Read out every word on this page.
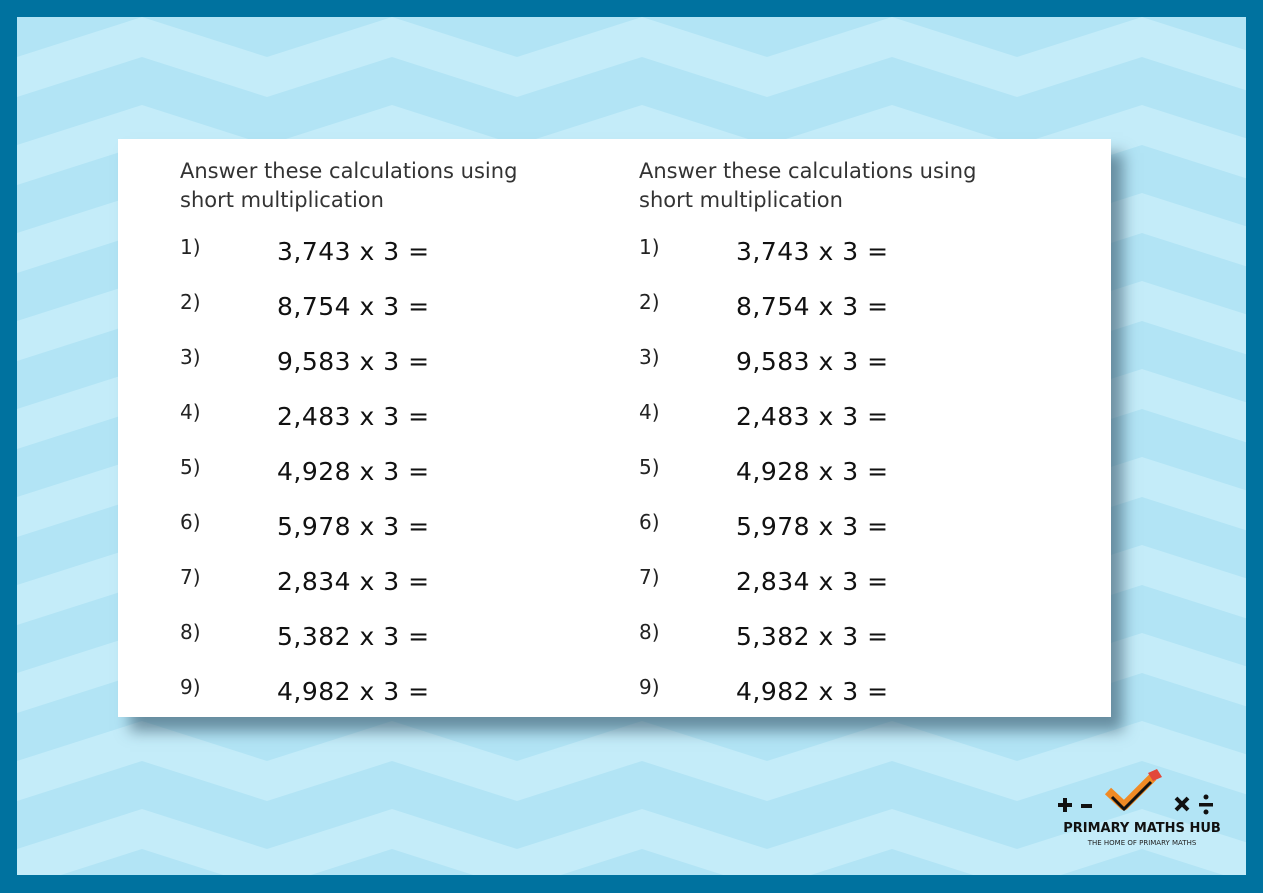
Answer these calculations using
short multiplication

1)	3,743 x 3 =
2)	8,754 x 3 =
3)	9,583 x 3 =
4)	2,483 x 3 =
5)	4,928 x 3 =
6)	5,978 x 3 =
7)	2,834 x 3 =
8)	5,382 x 3 =
9)	4,982 x 3 =

Answer these calculations using
short multiplication

1)	3,743 x 3 =
2)	8,754 x 3 =
3)	9,583 x 3 =
4)	2,483 x 3 =
5)	4,928 x 3 =
6)	5,978 x 3 =
7)	2,834 x 3 =
8)	5,382 x 3 =
9)	4,982 x 3 =
PRIMARY MATHS HUB
THE HOME OF PRIMARY MATHS
